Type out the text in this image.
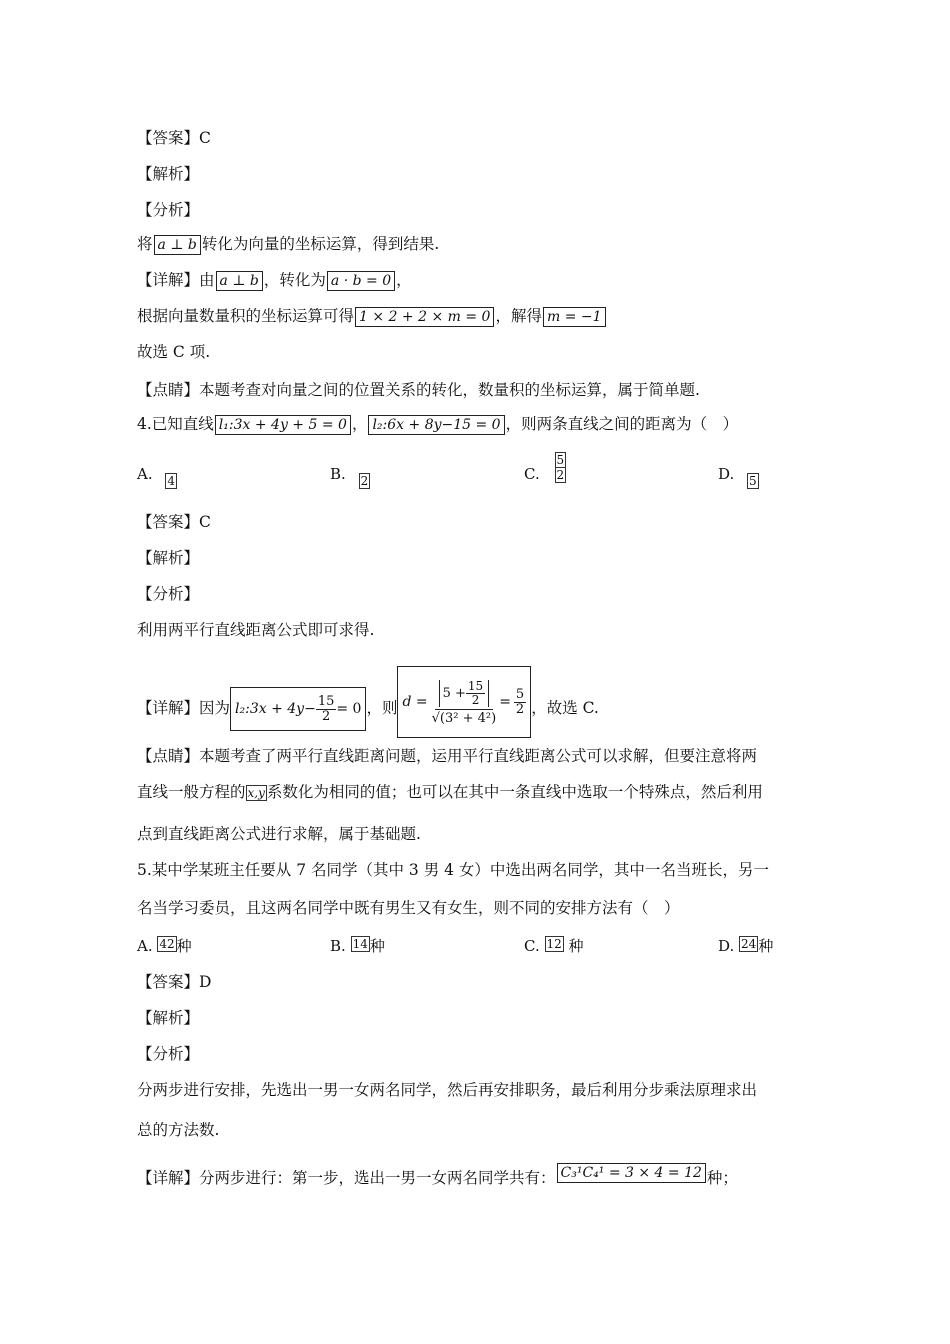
【答案】C
【解析】
【分析】
将 a ⊥ b 转化为向量的坐标运算，得到结果.
【详解】由 a ⊥ b ，转化为 a · b = 0 ，
根据向量数量积的坐标运算可得 1 × 2 + 2 × m = 0 ，解得 m = −1
故选 C 项.
【点睛】本题考查对向量之间的位置关系的转化，数量积的坐标运算，属于简单题.
4.已知直线 l₁:3x + 4y + 5 = 0 ， l₂:6x + 8y−15 = 0 ，则两条直线之间的距离为（　）
A. 4	B. 2	C.
5
2	D. 5
【答案】C
【解析】
【分析】
利用两平行直线距离公式即可求得.
【详解】因为 l₂:3x + $4y- \frac{15}{2} = 0$ ，则 $d = \frac{5 + \frac{15}{2}}{\text{√(3² + 4²)}} = \frac{5}{2}$ ，故选 C.
【点睛】本题考查了两平行直线距离问题，运用平行直线距离公式可以求解，但要注意将两
直线一般方程的 x,y 系数化为相同的值；也可以在其中一条直线中选取一个特殊点，然后利用
点到直线距离公式进行求解，属于基础题.
5.某中学某班主任要从 7 名同学（其中 3 男 4 女）中选出两名同学，其中一名当班长，另一
名当学习委员，且这两名同学中既有男生又有女生，则不同的安排方法有（　）
A. 42 种	B. 14 种	C. 12 种	D. 24 种
【答案】D
【解析】
【分析】
分两步进行安排，先选出一男一女两名同学，然后再安排职务，最后利用分步乘法原理求出
总的方法数.
【详解】分两步进行：第一步，选出一男一女两名同学共有： C₃¹C₄¹ = 3 × 4 = 12 种；
